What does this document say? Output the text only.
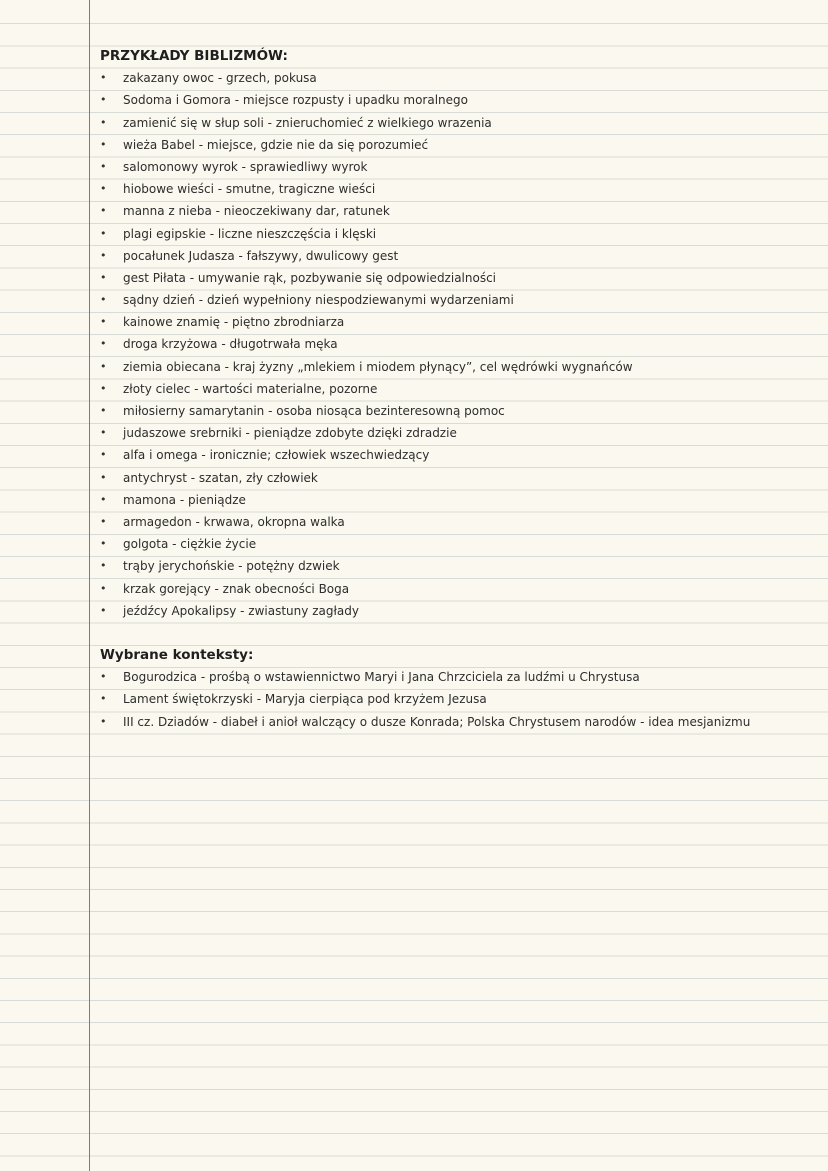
PRZYKŁADY BIBLIZMÓW:
• zakazany owoc - grzech, pokusa
• Sodoma i Gomora - miejsce rozpusty i upadku moralnego
• zamienić się w słup soli - znieruchomieć z wielkiego wrazenia
• wieża Babel - miejsce, gdzie nie da się porozumieć
• salomonowy wyrok - sprawiedliwy wyrok
• hiobowe wieści - smutne, tragiczne wieści
• manna z nieba - nieoczekiwany dar, ratunek
• plagi egipskie - liczne nieszczęścia i klęski
• pocałunek Judasza - fałszywy, dwulicowy gest
• gest Piłata - umywanie rąk, pozbywanie się odpowiedzialności
• sądny dzień - dzień wypełniony niespodziewanymi wydarzeniami
• kainowe znamię - piętno zbrodniarza
• droga krzyżowa - długotrwała męka
• ziemia obiecana - kraj żyzny „mlekiem i miodem płynący”, cel wędrówki wygnańców
• złoty cielec - wartości materialne, pozorne
• miłosierny samarytanin - osoba niosąca bezinteresowną pomoc
• judaszowe srebrniki - pieniądze zdobyte dzięki zdradzie
• alfa i omega - ironicznie; człowiek wszechwiedzący
• antychryst - szatan, zły człowiek
• mamona - pieniądze
• armagedon - krwawa, okropna walka
• golgota - ciężkie życie
• trąby jerychońskie - potężny dzwiek
• krzak gorejący - znak obecności Boga
• jeźdźcy Apokalipsy - zwiastuny zagłady
Wybrane konteksty:
• Bogurodzica - prośbą o wstawiennictwo Maryi i Jana Chrzciciela za ludźmi u Chrystusa
• Lament świętokrzyski - Maryja cierpiąca pod krzyżem Jezusa
• III cz. Dziadów - diabeł i anioł walczący o dusze Konrada; Polska Chrystusem narodów - idea mesjanizmu
